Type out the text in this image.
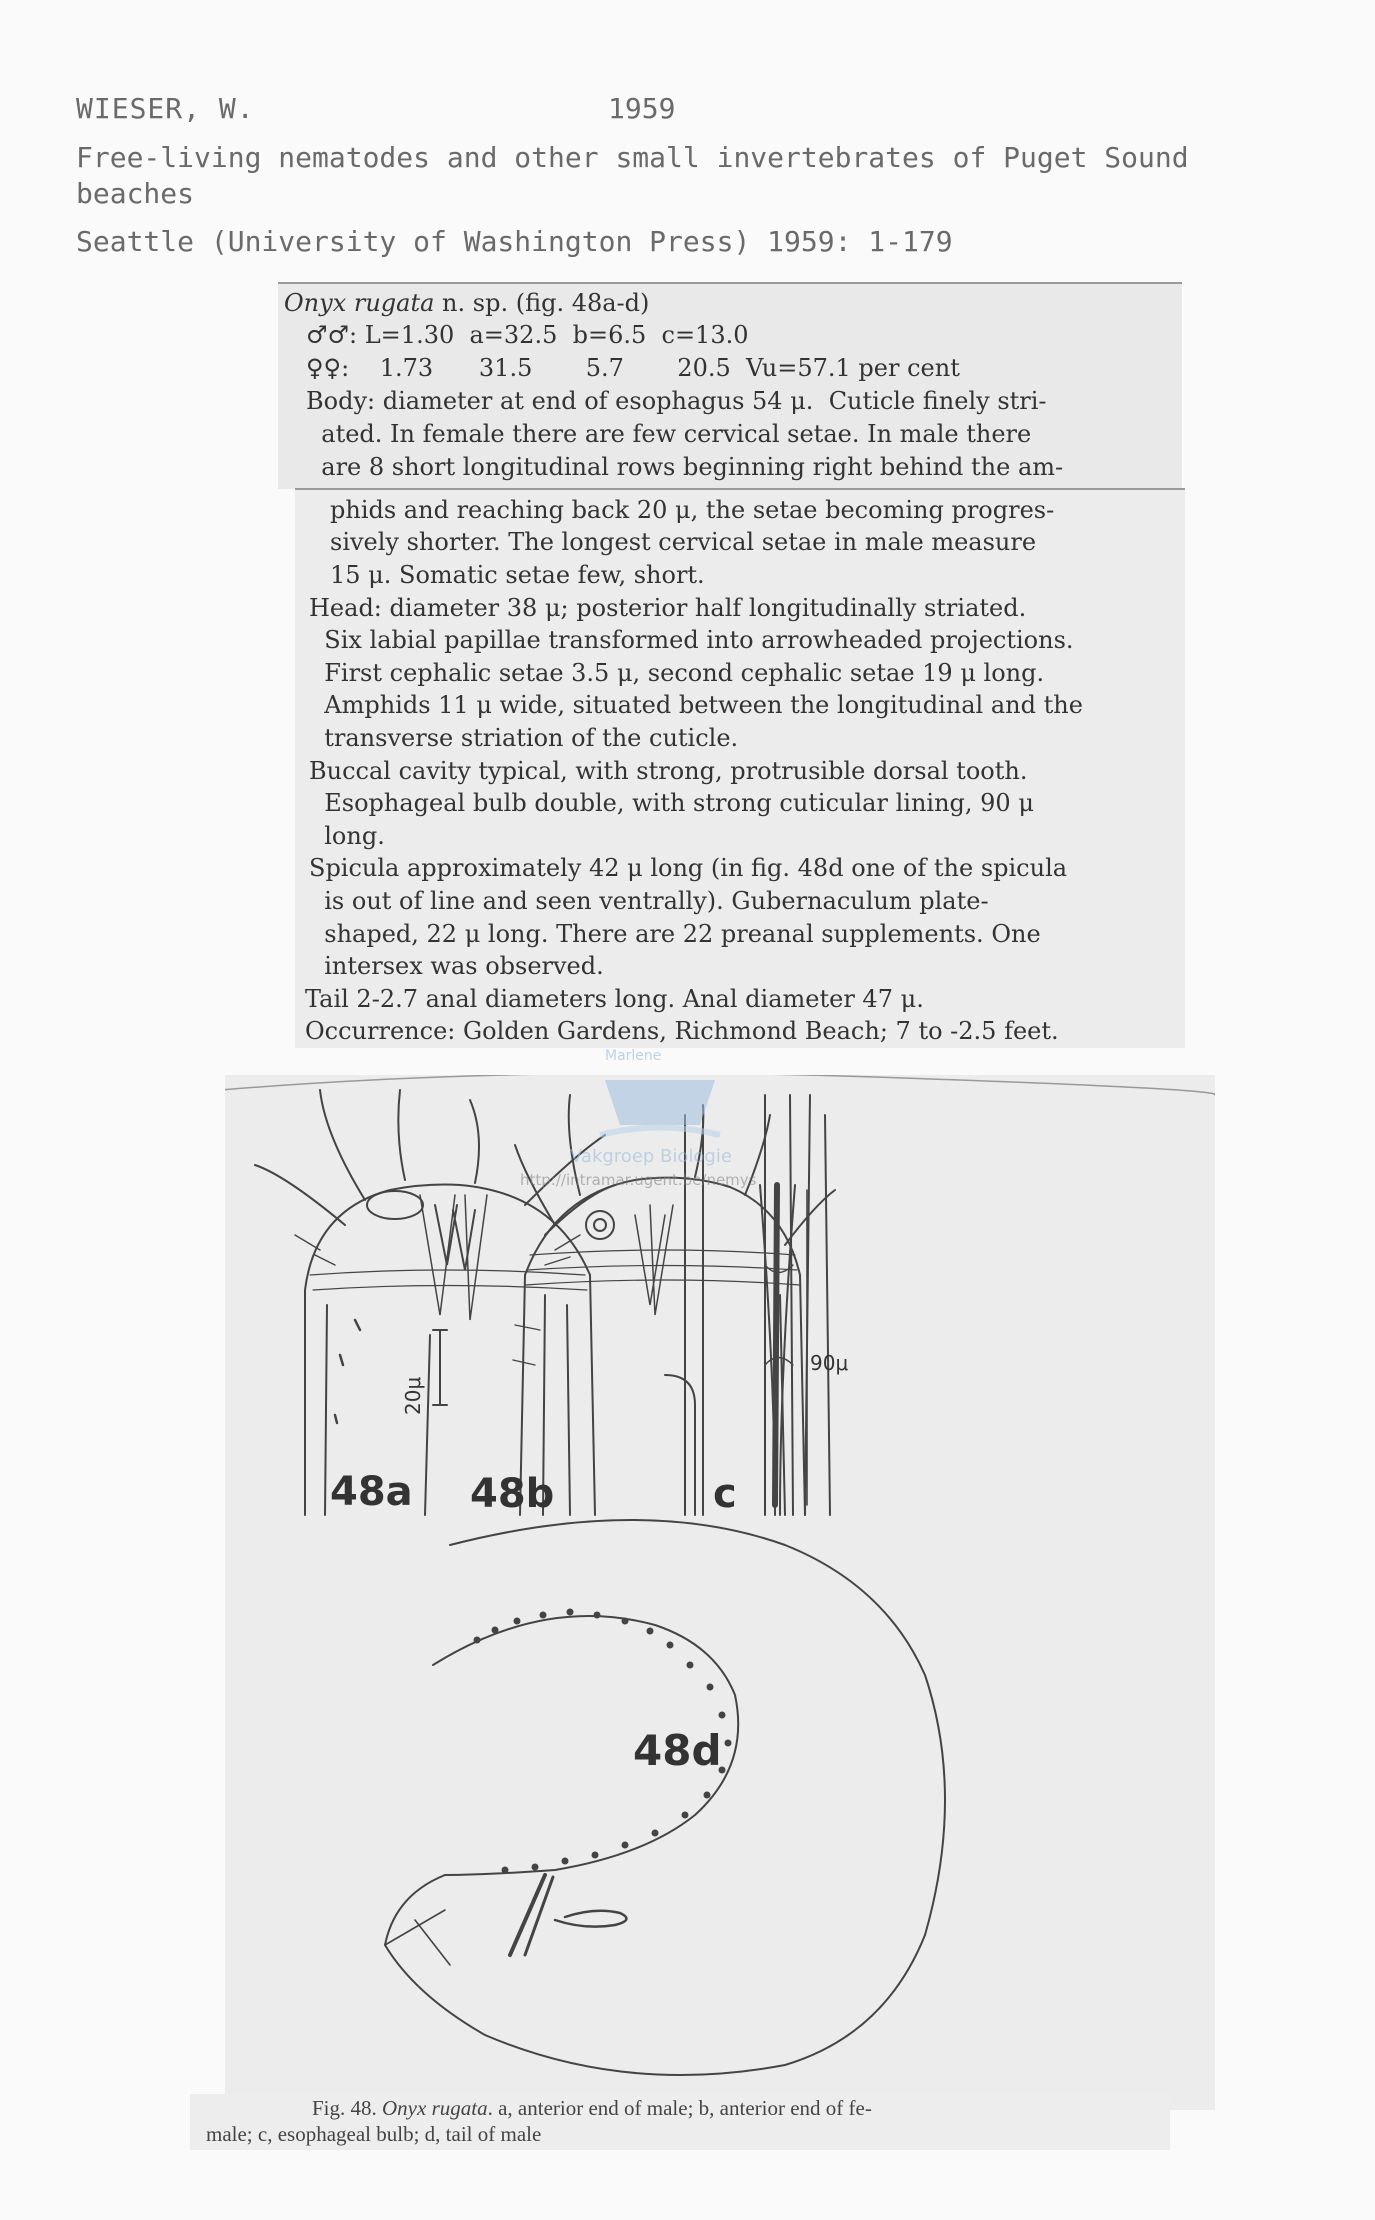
WIESER, W.	1959
Free-living nematodes and other small invertebrates of Puget Sound beaches
Seattle (University of Washington Press) 1959: 1-179
Onyx rugata n. sp. (fig. 48a-d)
♂♂: L=1.30  a=32.5  b=6.5  c=13.0
♀♀:    1.73      31.5       5.7       20.5  Vu=57.1 per cent
Body: diameter at end of esophagus 54 μ.  Cuticle finely stri-
ated. In female there are few cervical setae. In male there
are 8 short longitudinal rows beginning right behind the am-
phids and reaching back 20 μ, the setae becoming progres-
sively shorter. The longest cervical setae in male measure
15 μ. Somatic setae few, short.
Head: diameter 38 μ; posterior half longitudinally striated.
Six labial papillae transformed into arrowheaded projections.
First cephalic setae 3.5 μ, second cephalic setae 19 μ long.
Amphids 11 μ wide, situated between the longitudinal and the
transverse striation of the cuticle.
Buccal cavity typical, with strong, protrusible dorsal tooth.
Esophageal bulb double, with strong cuticular lining, 90 μ
long.
Spicula approximately 42 μ long (in fig. 48d one of the spicula
is out of line and seen ventrally). Gubernaculum plate-
shaped, 22 μ long. There are 22 preanal supplements. One
intersex was observed.
Tail 2-2.7 anal diameters long. Anal diameter 47 μ.
Occurrence: Golden Gardens, Richmond Beach; 7 to -2.5 feet.
48a 48b	c
48d
20μ
90μ
Marlene
Vakgroep Biologie
http://intramar.ugent.be/nemys
Fig. 48. Onyx rugata. a, anterior end of male; b, anterior end of fe-
male; c, esophageal bulb; d, tail of male
